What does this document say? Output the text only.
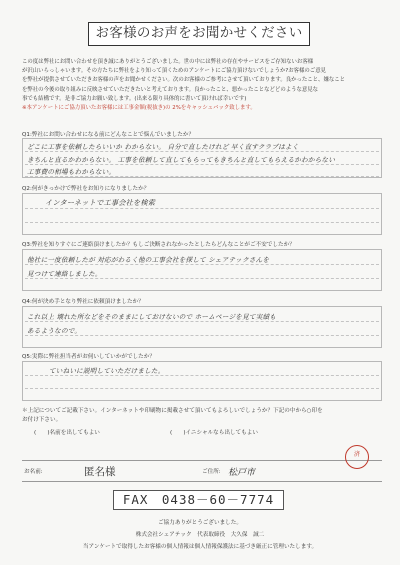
お客様のお声をお聞かせください
この度は弊社にお問い合わせを頂き誠にありがとうございました。世の中には弊社の存在やサービスをご存知ないお客様
が沢山いらっしゃいます。その方たちに弊社をより知って頂くためのアンケートにご協力頂けないでしょうか?お客様のご意見
を弊社が提供させていただきお客様の声をお聞かせください。次のお客様のご参考にさせて頂いております。良かったこと、嫌なこと
を弊社の今後の取り組みに反映させていただきたいと考えております。良かったこと、悪かったことなどどのような意見な
事でも結構です。是非ご協力お願い致します。(出来る限り具体的に書いて頂ければ幸いです)
※本アンケートにご協力頂いたお客様には工事金額(税抜き)の 2%をキャッシュバック致します。
Q1:弊社にお問い合わせになる前にどんなことで悩んでいましたか？
どこに工事を依頼したらいいか わからない。 自分で直したけれど 早く直すクラブはよく
きちんと直るかわからない。 工事を依頼して直してもらってもきちんと直してもらえるかわからない
工事費の相場もわからない。
Q2:何がきっかけで弊社をお知りになりましたか？
インターネットで工事会社を検索
Q3:弊社を知りすぐにご連絡頂けましたか？もしご決断されなかったとしたらどんなことがご不安でしたか？
他社に一度依頼したが 対応がわるく他の工事会社を探して シェアテックさんを
見つけて連絡しました。
Q4:何が決め手となり弊社に依頼頂けましたか？
これ以上 壊れた所などをそのままにしておけないので ホームページを見て実績も
あるようなので。
Q5:実際に弊社担当者がお伺いしていかがでしたか？
ていねいに説明していただけました。
＊上記についてご記載下さい。インターネットや印刷物に掲載させて頂いてもよろしいでしょうか？下記の中から○印を
お付け下さい。
(　　)名前を出してもよい	(　　)イニシャルなら出してもよい
お名前:	匿名様	ご住所: 松戸市
済
FAX　0438－60－7774
ご協力ありがとうございました。
株式会社シェアテック　代表取締役　大久保　誠二
当アンケートで取得したお客様の個人情報は個人情報保護法に基づき厳正に管理いたします。
